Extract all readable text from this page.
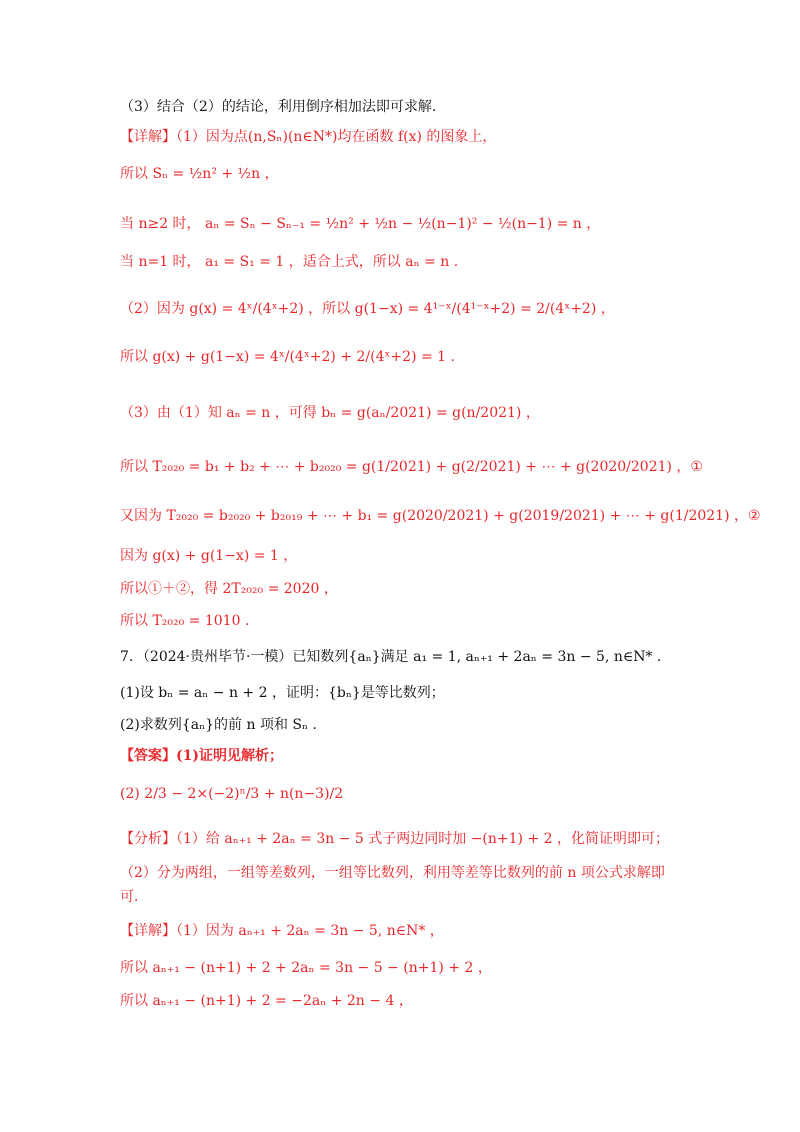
（3）结合（2）的结论，利用倒序相加法即可求解.
【详解】（1）因为点(n,Sₙ)(n∈N*)均在函数 f(x) 的图象上，
所以 Sₙ = ½n² + ½n ，
当 n≥2 时， aₙ = Sₙ − Sₙ₋₁ = ½n² + ½n − ½(n−1)² − ½(n−1) = n ，
当 n=1 时， a₁ = S₁ = 1 ，适合上式，所以 aₙ = n .
（2）因为 g(x) = 4ˣ/(4ˣ+2) ，所以 g(1−x) = 4¹⁻ˣ/(4¹⁻ˣ+2) = 2/(4ˣ+2) ，
所以 g(x) + g(1−x) = 4ˣ/(4ˣ+2) + 2/(4ˣ+2) = 1 .
（3）由（1）知 aₙ = n ，可得 bₙ = g(aₙ/2021) = g(n/2021) ，
所以 T₂₀₂₀ = b₁ + b₂ + ⋯ + b₂₀₂₀ = g(1/2021) + g(2/2021) + ⋯ + g(2020/2021) ，①
又因为 T₂₀₂₀ = b₂₀₂₀ + b₂₀₁₉ + ⋯ + b₁ = g(2020/2021) + g(2019/2021) + ⋯ + g(1/2021) ，②
因为 g(x) + g(1−x) = 1 ，
所以①＋②，得 2T₂₀₂₀ = 2020 ，
所以 T₂₀₂₀ = 1010 .
7．（2024·贵州毕节·一模）已知数列{aₙ}满足 a₁ = 1, aₙ₊₁ + 2aₙ = 3n − 5, n∈N* .
(1)设 bₙ = aₙ − n + 2 ，证明：{bₙ}是等比数列；
(2)求数列{aₙ}的前 n 项和 Sₙ .
【答案】(1)证明见解析；
(2) 2/3 − 2×(−2)ⁿ/3 + n(n−3)/2
【分析】（1）给 aₙ₊₁ + 2aₙ = 3n − 5 式子两边同时加 −(n+1) + 2 ，化简证明即可；
（2）分为两组，一组等差数列，一组等比数列，利用等差等比数列的前 n 项公式求解即
可.
【详解】（1）因为 aₙ₊₁ + 2aₙ = 3n − 5, n∈N* ，
所以 aₙ₊₁ − (n+1) + 2 + 2aₙ = 3n − 5 − (n+1) + 2 ，
所以 aₙ₊₁ − (n+1) + 2 = −2aₙ + 2n − 4 ，
